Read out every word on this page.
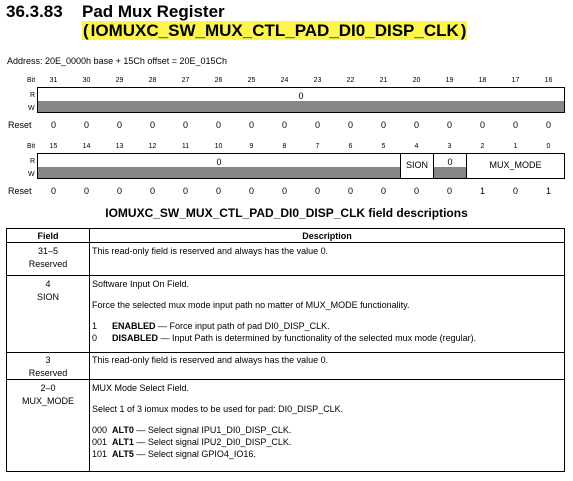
36.3.83 Pad Mux Register
( IOMUXC_SW_MUX_CTL_PAD_DI0_DISP_CLK )
Address: 20E_0000h base + 15Ch offset = 20E_015Ch
Bit	31	30	29	28	27	26	25	24	23	22	21	20	19	18	17	16
R
W
0
Reset	0	0	0	0	0	0	0	0	0	0	0	0	0	0	0	0
Bit	15	14	13	12	11	10	9	8	7	6	5	4	3	2	1	0
R
W
0	SION	0	MUX_MODE
Reset	0	0	0	0	0	0	0	0	0	0	0	0	0	1	0	1
IOMUXC_SW_MUX_CTL_PAD_DI0_DISP_CLK field descriptions
Field	Description

31–5
Reserved	This read-only field is reserved and always has the value 0.

4
SION	Software Input On Field.
Force the selected mux mode input path no matter of MUX_MODE functionality.
1 ENABLED — Force input path of pad DI0_DISP_CLK.
0 DISABLED — Input Path is determined by functionality of the selected mux mode (regular).

3
Reserved	This read-only field is reserved and always has the value 0.

2–0
MUX_MODE	MUX Mode Select Field.
Select 1 of 3 iomux modes to be used for pad: DI0_DISP_CLK.
000 ALT0 — Select signal IPU1_DI0_DISP_CLK.
001 ALT1 — Select signal IPU2_DI0_DISP_CLK.
101 ALT5 — Select signal GPIO4_IO16.
